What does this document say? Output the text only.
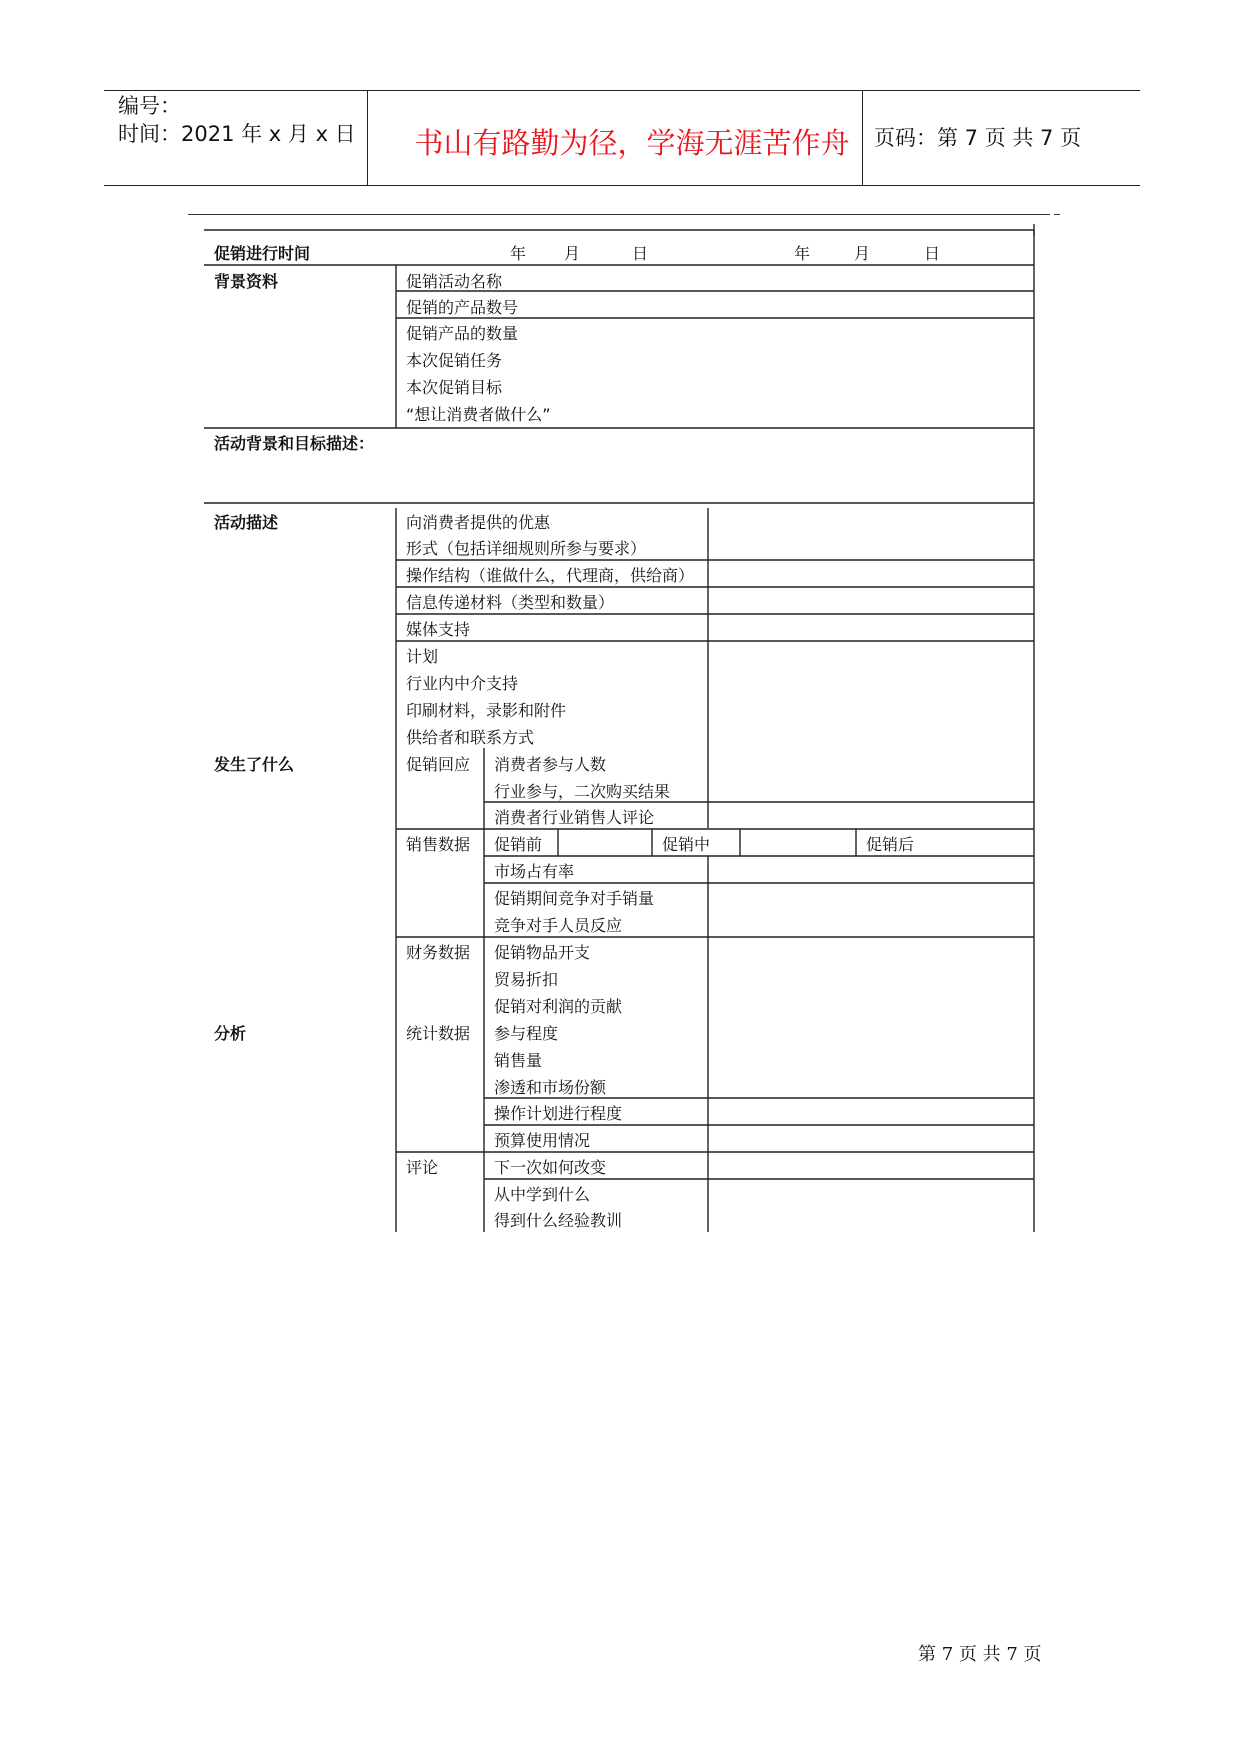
编号：
时间：2021 年 x 月 x 日	书山有路勤为径，学海无涯苦作舟	页码：第 7 页 共 7 页
促销进行时间	年 月	日	年	月	日
背景资料	促销活动名称
促销的产品数号
促销产品的数量
本次促销任务
本次促销目标
“想让消费者做什么”
活动背景和目标描述：
活动描述	向消费者提供的优惠
形式（包括详细规则所参与要求）
操作结构（谁做什么，代理商，供给商）
信息传递材料（类型和数量）
媒体支持
计划
行业内中介支持
印刷材料，录影和附件
供给者和联系方式
发生了什么	促销回应 消费者参与人数
行业参与，二次购买结果
消费者行业销售人评论
销售数据 促销前	促销中	促销后
市场占有率
促销期间竞争对手销量
竞争对手人员反应
财务数据 促销物品开支
贸易折扣
促销对利润的贡献
分析	统计数据 参与程度
销售量
渗透和市场份额
操作计划进行程度
预算使用情况
评论	下一次如何改变
从中学到什么
得到什么经验教训
第 7 页 共 7 页
